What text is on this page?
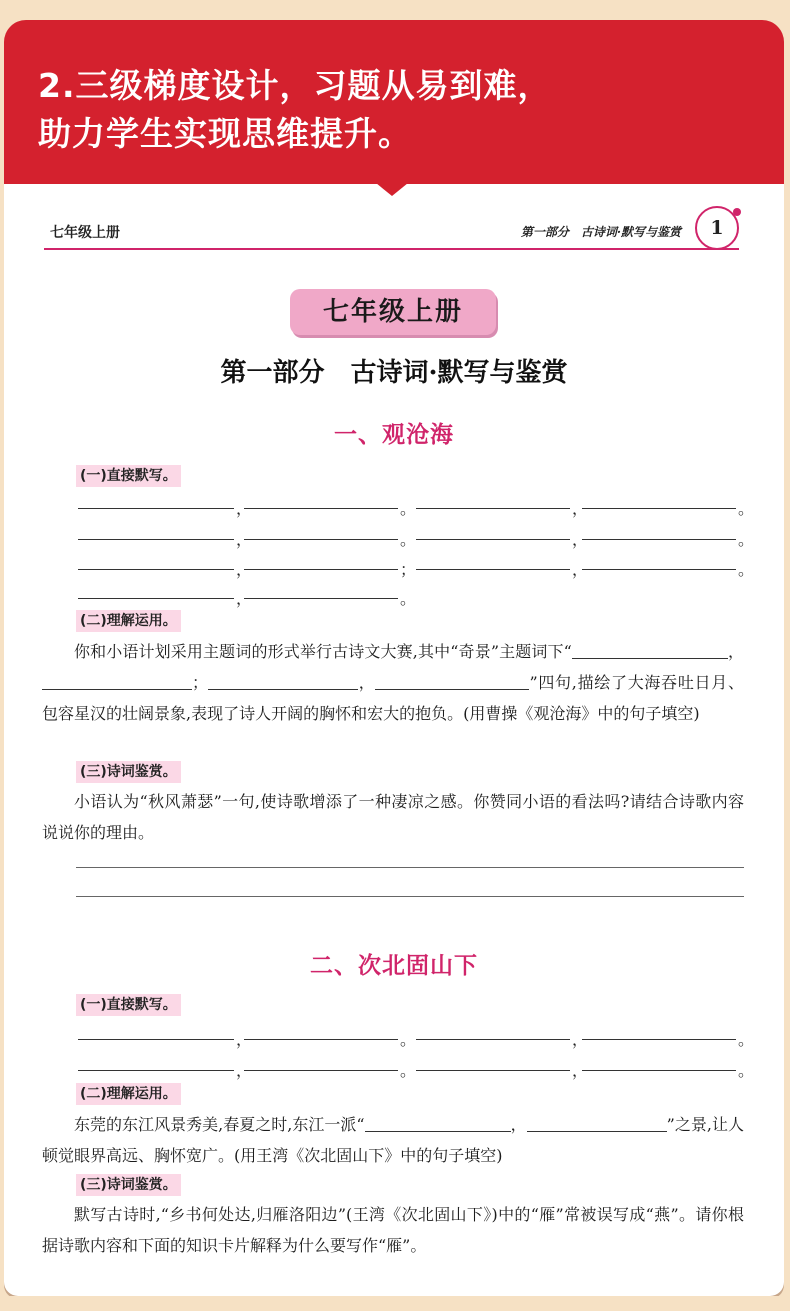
2.三级梯度设计，习题从易到难，

助力学生实现思维提升。

七年级上册	第一部分　古诗词·默写与鉴赏	1
七年级上册
第一部分　古诗词·默写与鉴赏
一、观沧海
(一)直接默写。
，	。	，	。
，	。	，	。
，	；	，	。
，	。
(二)理解运用。

你和小语计划采用主题词的形式举行古诗文大赛,其中“奇景”主题词下“	，；	，	”四句,描绘了大海吞吐日月、包容星汉的壮阔景象,表现了诗人开阔的胸怀和宏大的抱负。(用曹操《观沧海》中的句子填空)

(三)诗词鉴赏。

小语认为“秋风萧瑟”一句,使诗歌增添了一种凄凉之感。你赞同小语的看法吗?请结合诗歌内容说说你的理由。

二、次北固山下
(一)直接默写。
，	。	，	。
，	。	，	。
(二)理解运用。

东莞的东江风景秀美,春夏之时,东江一派“	，	”之景,让人顿觉眼界高远、胸怀宽广。(用王湾《次北固山下》中的句子填空)

(三)诗词鉴赏。

默写古诗时,“乡书何处达,归雁洛阳边”(王湾《次北固山下》)中的“雁”常被误写成“燕”。请你根据诗歌内容和下面的知识卡片解释为什么要写作“雁”。
